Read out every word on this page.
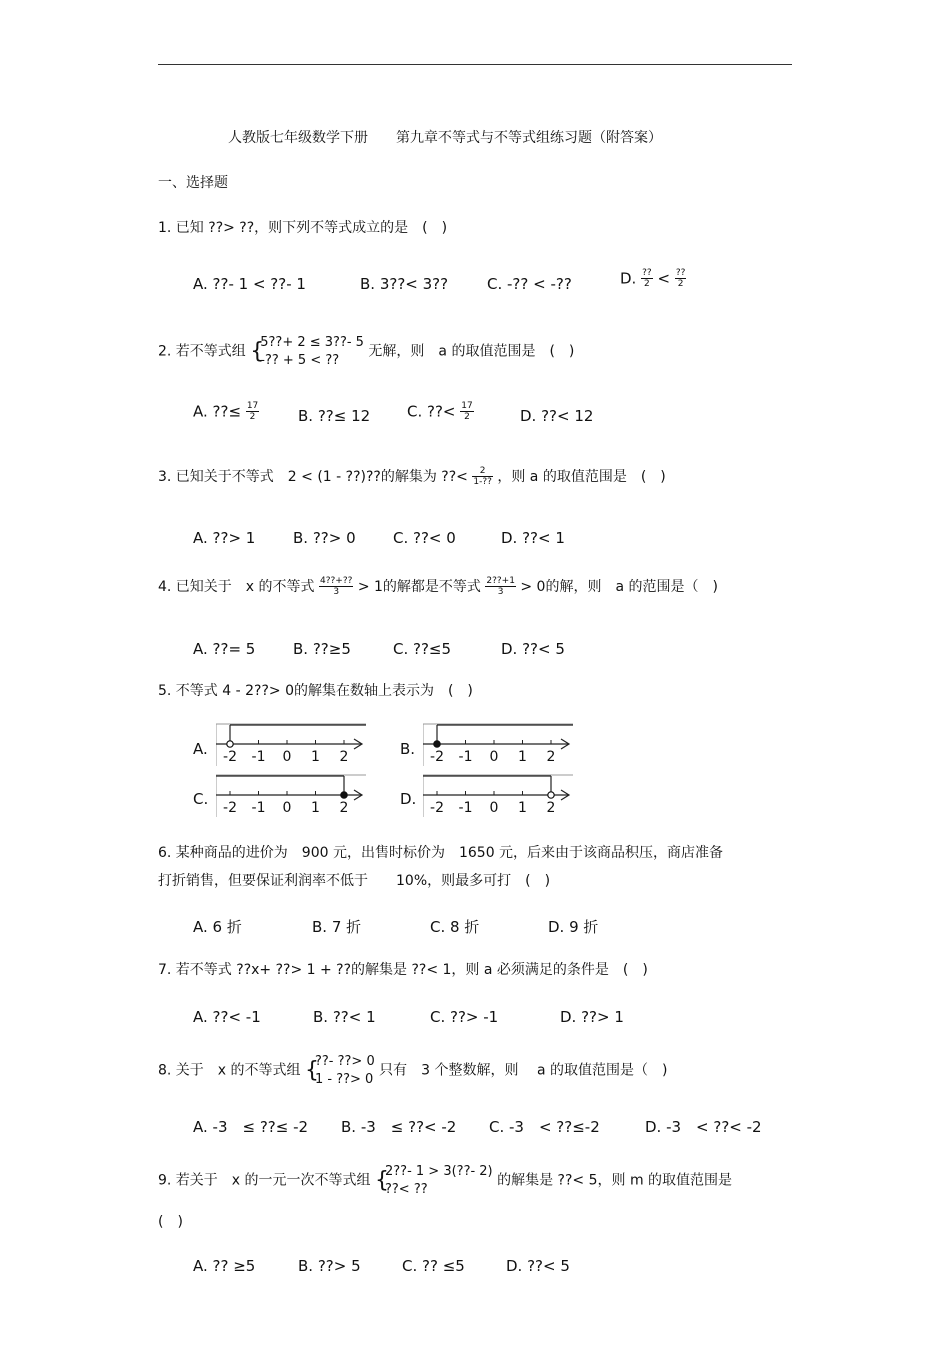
人教版七年级数学下册　　第九章不等式与不等式组练习题（附答案）
一、选择题
1. 已知 ??> ??，则下列不等式成立的是　(　)
A. ??- 1 < ??- 1	B. 3??< 3??	C. -?? < -??	D. $\frac{??}{2} < \frac{??}{2}$
2. 若不等式组 {
5??+ 2 ≤ 3??- 5
-?? + 5 < ??
无解，则　a 的取值范围是　(　)
A. ??≤ $\frac{17}{2}$	B. ??≤ 12 C. ??< $\frac{17}{2}$	D. ??< 12
3. 已知关于不等式　2 < (1 - ??)??的解集为 ??< $\frac{2}{1-??}$ ，则 a 的取值范围是　(　)
A. ??> 1	B. ??> 0 C. ??< 0	D. ??< 1
4. 已知关于　x 的不等式 $\frac{4??+??}{3} > 1$的解都是不等式 $\frac{2??+1}{3} > 0$的解，则　a 的范围是（　)
A. ??= 5	B. ??≥5	C. ??≤5	D. ??< 5
5. 不等式 4 - 2??> 0的解集在数轴上表示为　(　)
A.	B.
C.	D.
-2 -1 0 1 2	-2 -1 0 1 2
-2 -1 0 1 2	-2 -1 0 1 2
6. 某种商品的进价为　900 元，出售时标价为　1650 元，后来由于该商品积压，商店准备
打折销售，但要保证利润率不低于　　10%，则最多可打　(　)
A. 6 折	B. 7 折	C. 8 折	D. 9 折
7. 若不等式 ??x+ ??> 1 + ??的解集是 ??< 1，则 a 必须满足的条件是　(　)
A. ??< -1	B. ??< 1	C. ??> -1	D. ??> 1
8. 关于　x 的不等式组 {
??- ??> 0
1 - ??> 0
只有　3 个整数解，则　 a 的取值范围是（　)
A. -3　≤ ??≤ -2 B. -3　≤ ??< -2 C. -3　< ??≤-2	D. -3　< ??< -2
9. 若关于　x 的一元一次不等式组 {
2??- 1 > 3(??- 2)
??< ??
的解集是 ??< 5，则 m 的取值范围是
(　)
A. ?? ≥5	B. ??> 5	C. ?? ≤5	D. ??< 5
